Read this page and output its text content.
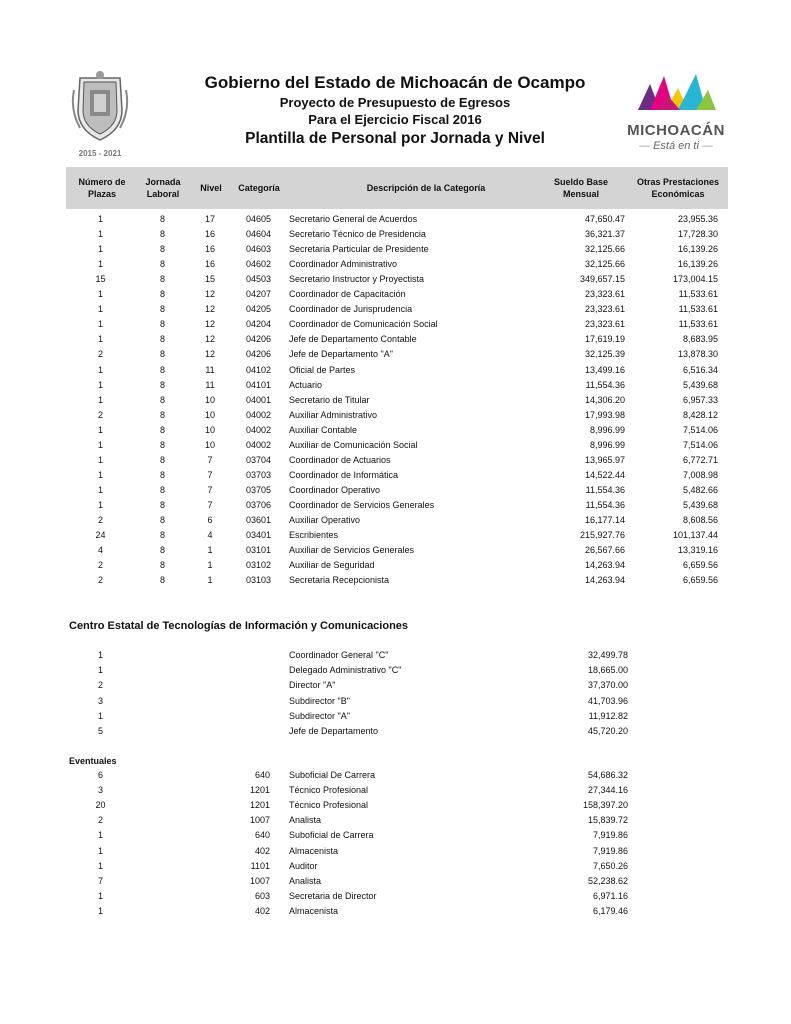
2015 - 2021
Gobierno del Estado de Michoacán de Ocampo
Proyecto de Presupuesto de Egresos
Para el Ejercicio Fiscal 2016
Plantilla de Personal por Jornada y Nivel	MICHOACÁN
— Está en ti —
Número de
Plazas
Jornada
Laboral
Nivel	Categoría	Descripción de la Categoría
Sueldo Base
Mensual
Otras Prestaciones
Económicas
1	8	17	04605	Secretario General de Acuerdos	47,650.47	23,955.36
1	8	16	04604	Secretario Técnico de Presidencia	36,321.37	17,728.30
1	8	16	04603	Secretaria Particular de Presidente	32,125.66	16,139.26
1	8	16	04602	Coordinador Administrativo	32,125.66	16,139.26
15	8	15	04503	Secretario Instructor y Proyectista	349,657.15	173,004.15
1	8	12	04207	Coordinador de Capacitación	23,323.61	11,533.61
1	8	12	04205	Coordinador de Jurisprudencia	23,323.61	11,533.61
1	8	12	04204	Coordinador de Comunicación Social	23,323.61	11,533.61
1	8	12	04206	Jefe de Departamento Contable	17,619.19	8,683.95
2	8	12	04206	Jefe de Departamento "A"	32,125.39	13,878.30
1	8	11	04102	Oficial de Partes	13,499.16	6,516.34
1	8	11	04101	Actuario	11,554.36	5,439.68
1	8	10	04001	Secretario de Titular	14,306.20	6,957.33
2	8	10	04002	Auxiliar Administrativo	17,993.98	8,428.12
1	8	10	04002	Auxiliar Contable	8,996.99	7,514.06
1	8	10	04002	Auxiliar de Comunicación Social	8,996.99	7,514.06
1	8	7	03704	Coordinador de Actuarios	13,965.97	6,772.71
1	8	7	03703	Coordinador de Informática	14,522.44	7,008.98
1	8	7	03705	Coordinador Operativo	11,554.36	5,482.66
1	8	7	03706	Coordinador de Servicios Generales	11,554.36	5,439.68
2	8	6	03601	Auxiliar Operativo	16,177.14	8,608.56
24	8	4	03401	Escribientes	215,927.76	101,137.44
4	8	1	03101	Auxiliar de Servicios Generales	26,567.66	13,319.16
2	8	1	03102	Auxiliar de Seguridad	14,263.94	6,659.56
2	8	1	03103	Secretaria Recepcionista	14,263.94	6,659.56
Centro Estatal de Tecnologías de Información y Comunicaciones
1	Coordinador General "C"	32,499.78
1	Delegado Administrativo "C"	18,665.00
2	Director "A"	37,370.00
3	Subdirector "B"	41,703.96
1	Subdirector "A"	11,912.82
5	Jefe de Departamento	45,720.20
Eventuales
6	640 Suboficial De Carrera	54,686.32
3	1201 Técnico Profesional	27,344.16
20	1201 Técnico Profesional	158,397.20
2	1007 Analista	15,839.72
1	640 Suboficial de Carrera	7,919.86
1	402 Almacenista	7,919.86
1	1101 Auditor	7,650.26
7	1007 Analista	52,238.62
1	603 Secretaria de Director	6,971.16
1	402 Almacenista	6,179.46
